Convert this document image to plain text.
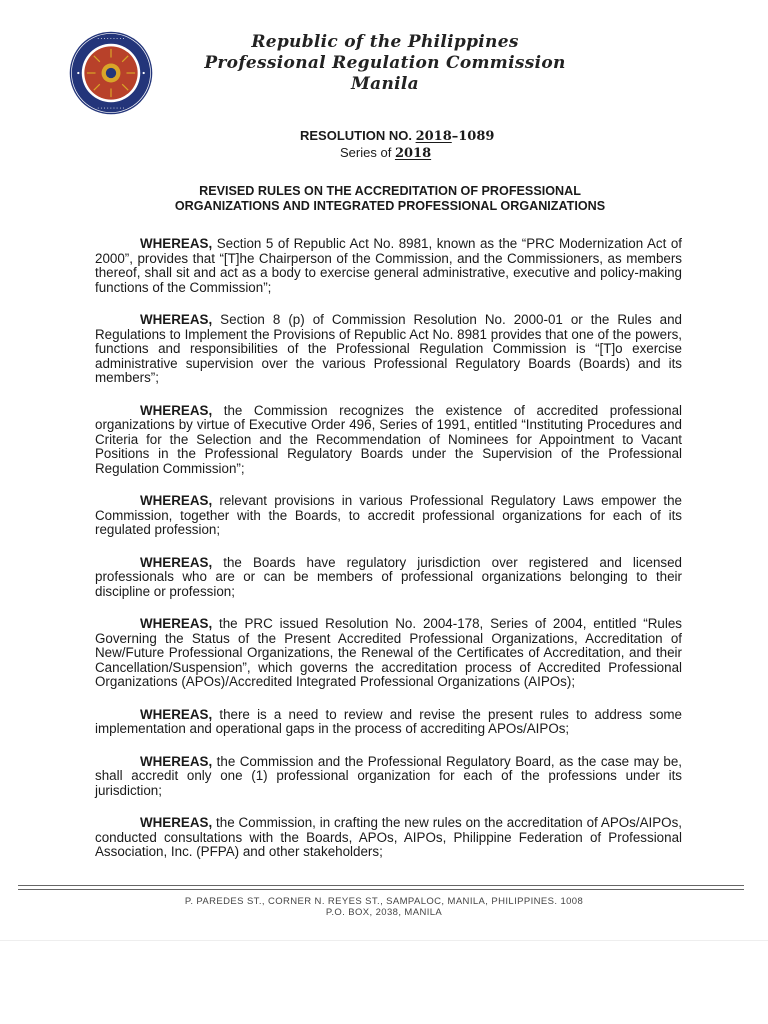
· · · · · · · · ·
· · · · · · · · ·
Republic of the Philippines
Professional Regulation Commission
Manila
RESOLUTION NO. 2018–1089
Series of 2018
REVISED RULES ON THE ACCREDITATION OF PROFESSIONAL
ORGANIZATIONS AND INTEGRATED PROFESSIONAL ORGANIZATIONS

WHEREAS, Section 5 of Republic Act No. 8981, known as the “PRC Modernization Act of 2000”, provides that “[T]he Chairperson of the Commission, and the Commissioners, as members thereof, shall sit and act as a body to exercise general administrative, executive and policy-making functions of the Commission”;

WHEREAS, Section 8 (p) of Commission Resolution No. 2000-01 or the Rules and Regulations to Implement the Provisions of Republic Act No. 8981 provides that one of the powers, functions and responsibilities of the Professional Regulation Commission is “[T]o exercise administrative supervision over the various Professional Regulatory Boards (Boards) and its members”;

WHEREAS, the Commission recognizes the existence of accredited professional organizations by virtue of Executive Order 496, Series of 1991, entitled “Instituting Procedures and Criteria for the Selection and the Recommendation of Nominees for Appointment to Vacant Positions in the Professional Regulatory Boards under the Supervision of the Professional Regulation Commission”;

WHEREAS, relevant provisions in various Professional Regulatory Laws empower the Commission, together with the Boards, to accredit professional organizations for each of its regulated profession;

WHEREAS, the Boards have regulatory jurisdiction over registered and licensed professionals who are or can be members of professional organizations belonging to their discipline or profession;

WHEREAS, the PRC issued Resolution No. 2004-178, Series of 2004, entitled “Rules Governing the Status of the Present Accredited Professional Organizations, Accreditation of New/Future Professional Organizations, the Renewal of the Certificates of Accreditation, and their Cancellation/Suspension”, which governs the accreditation process of Accredited Professional Organizations (APOs)/Accredited Integrated Professional Organizations (AIPOs);

WHEREAS, there is a need to review and revise the present rules to address some implementation and operational gaps in the process of accrediting APOs/AIPOs;

WHEREAS, the Commission and the Professional Regulatory Board, as the case may be, shall accredit only one (1) professional organization for each of the professions under its jurisdiction;

WHEREAS, the Commission, in crafting the new rules on the accreditation of APOs/AIPOs, conducted consultations with the Boards, APOs, AIPOs, Philippine Federation of Professional Association, Inc. (PFPA) and other stakeholders;

P. PAREDES ST., CORNER N. REYES ST., SAMPALOC, MANILA, PHILIPPINES. 1008
P.O. BOX, 2038, MANILA
